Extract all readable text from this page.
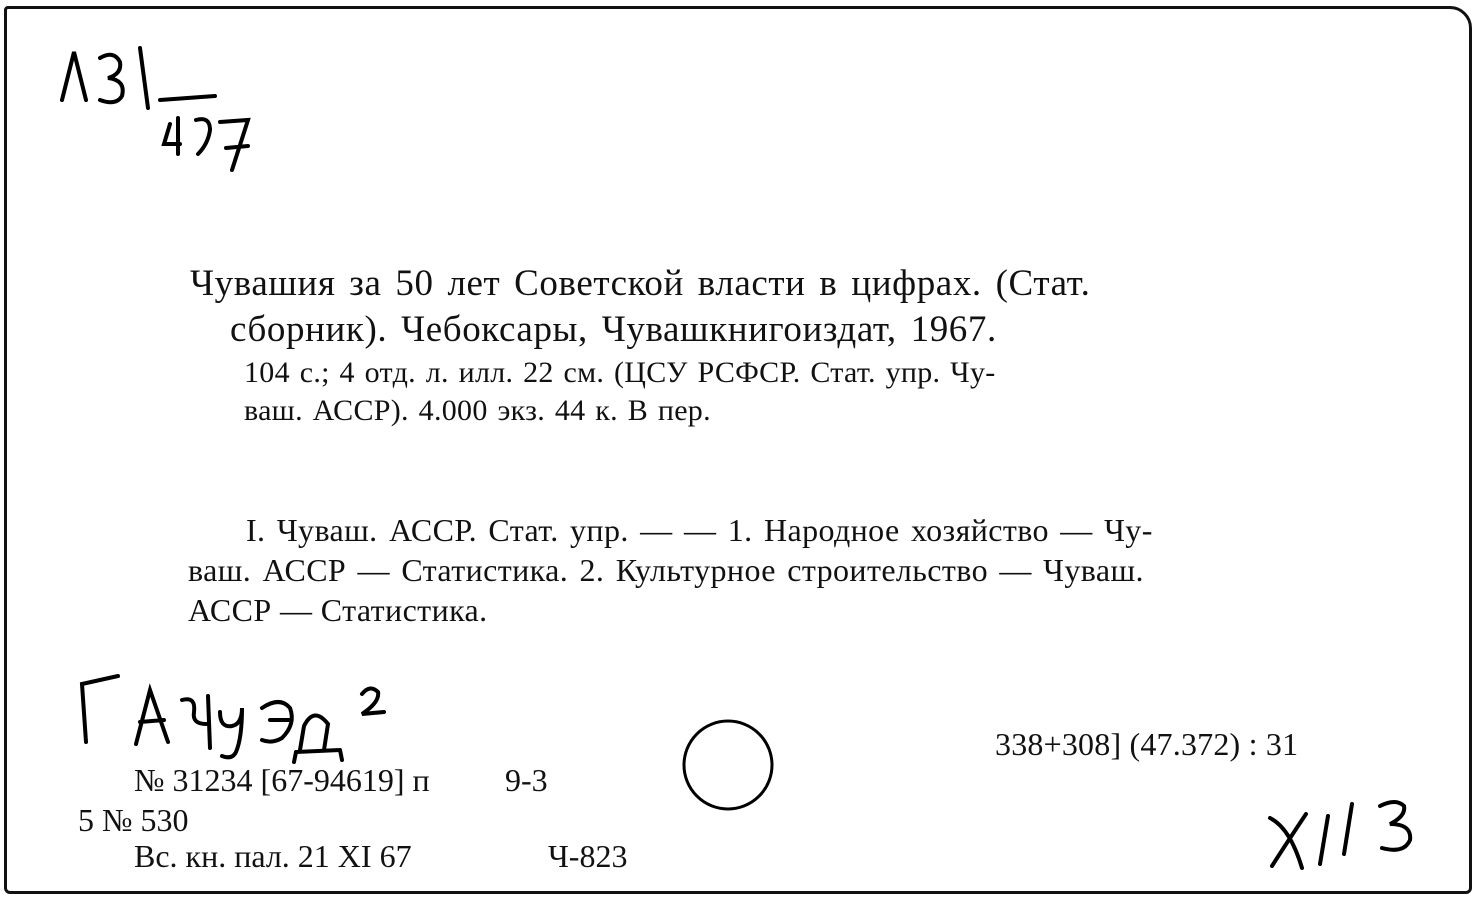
Чувашия за 50 лет Советской власти в цифрах. (Стат.
сборник). Чебоксары, Чувашкнигоиздат, 1967.
104 с.; 4 отд. л. илл. 22 см. (ЦСУ РСФСР. Стат. упр. Чу-
ваш. АССР). 4.000 экз. 44 к. В пер.
I. Чуваш. АССР. Стат. упр. — — 1. Народное хозяйство — Чу-
ваш. АССР — Статистика. 2. Культурное строительство — Чуваш.
АССР — Статистика.
338+308] (47.372) : 31
№ 31234 [67-94619] п 9-3
5 № 530
Вс. кн. пал. 21 XI 67	Ч-823
